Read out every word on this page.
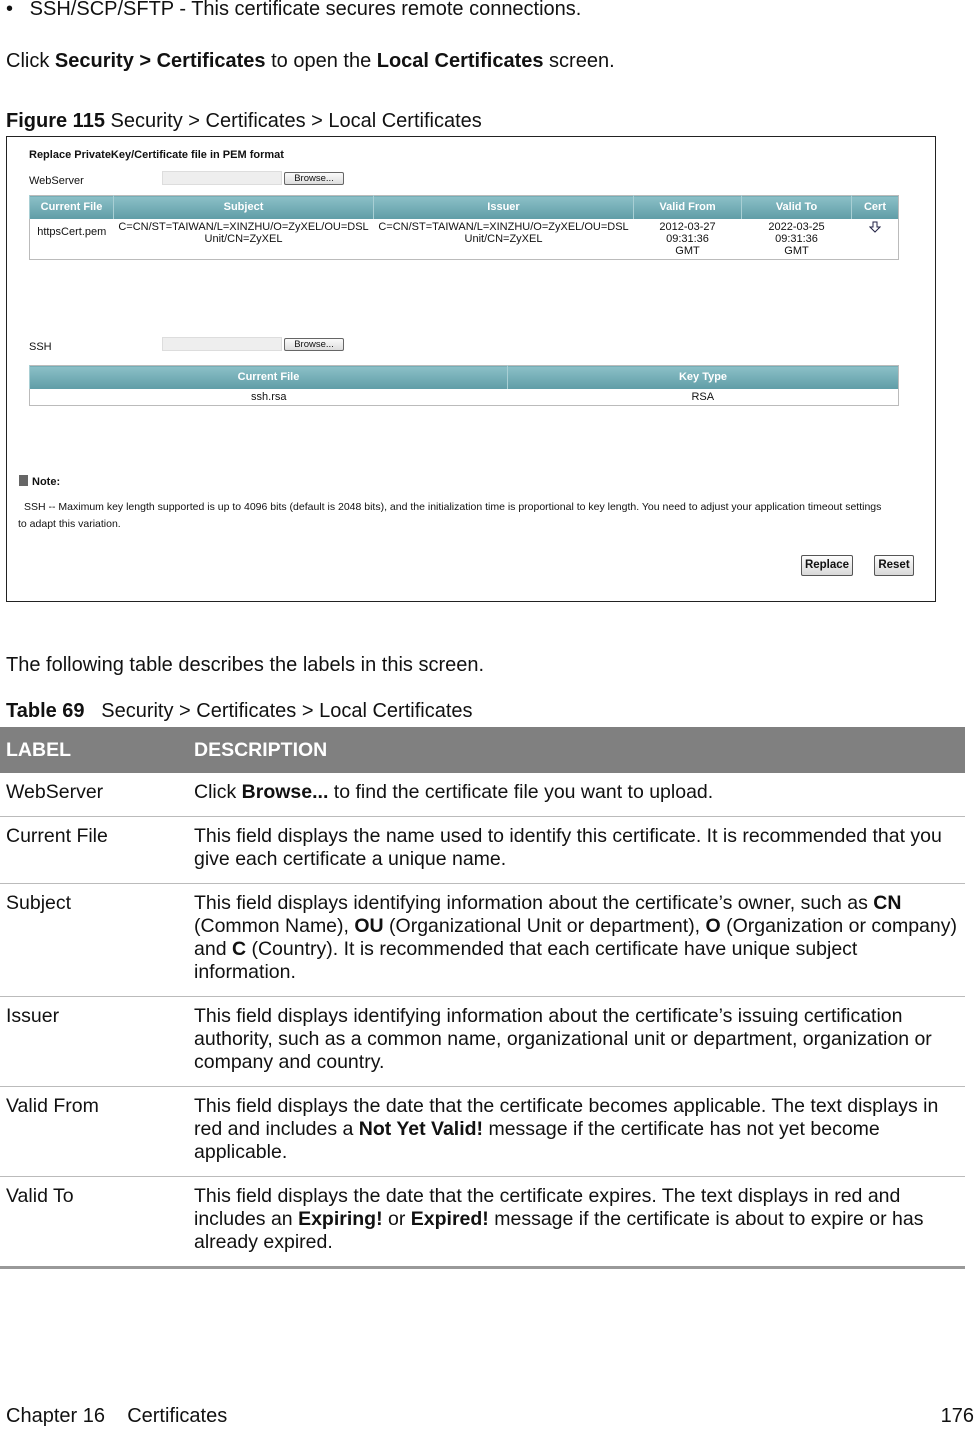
•   SSH/SCP/SFTP - This certificate secures remote connections.
Click Security > Certificates to open the Local Certificates screen.
Figure 115 Security > Certificates > Local Certificates
Replace PrivateKey/Certificate file in PEM format
WebServer	Browse...
Current File	Subject	Issuer	Valid From	Valid To	Cert
httpsCert.pem	C=CN/ST=TAIWAN/L=XINZHU/O=ZyXEL/OU=DSL Unit/CN=ZyXEL	C=CN/ST=TAIWAN/L=XINZHU/O=ZyXEL/OU=DSL Unit/CN=ZyXEL	2012-03-27 09:31:36 GMT	2022-03-25 09:31:36 GMT	
SSH	Browse...
Current File	Key Type
ssh.rsa	RSA
Note:
SSH -- Maximum key length supported is up to 4096 bits (default is 2048 bits), and the initialization time is proportional to key length. You need to adjust your application timeout settings to adapt this variation.
Replace	Reset
The following table describes the labels in this screen.
Table 69 Security > Certificates > Local Certificates
LABEL	DESCRIPTION
WebServer	Click Browse... to find the certificate file you want to upload.
Current File	This field displays the name used to identify this certificate. It is recommended that you give each certificate a unique name.
Subject	This field displays identifying information about the certificate’s owner, such as CN (Common Name), OU (Organizational Unit or department), O (Organization or company) and C (Country). It is recommended that each certificate have unique subject information.
Issuer	This field displays identifying information about the certificate’s issuing certification authority, such as a common name, organizational unit or department, organization or company and country.
Valid From	This field displays the date that the certificate becomes applicable. The text displays in red and includes a Not Yet Valid! message if the certificate has not yet become applicable.
Valid To	This field displays the date that the certificate expires. The text displays in red and includes an Expiring! or Expired! message if the certificate is about to expire or has already expired.
Chapter 16 Certificates	176
